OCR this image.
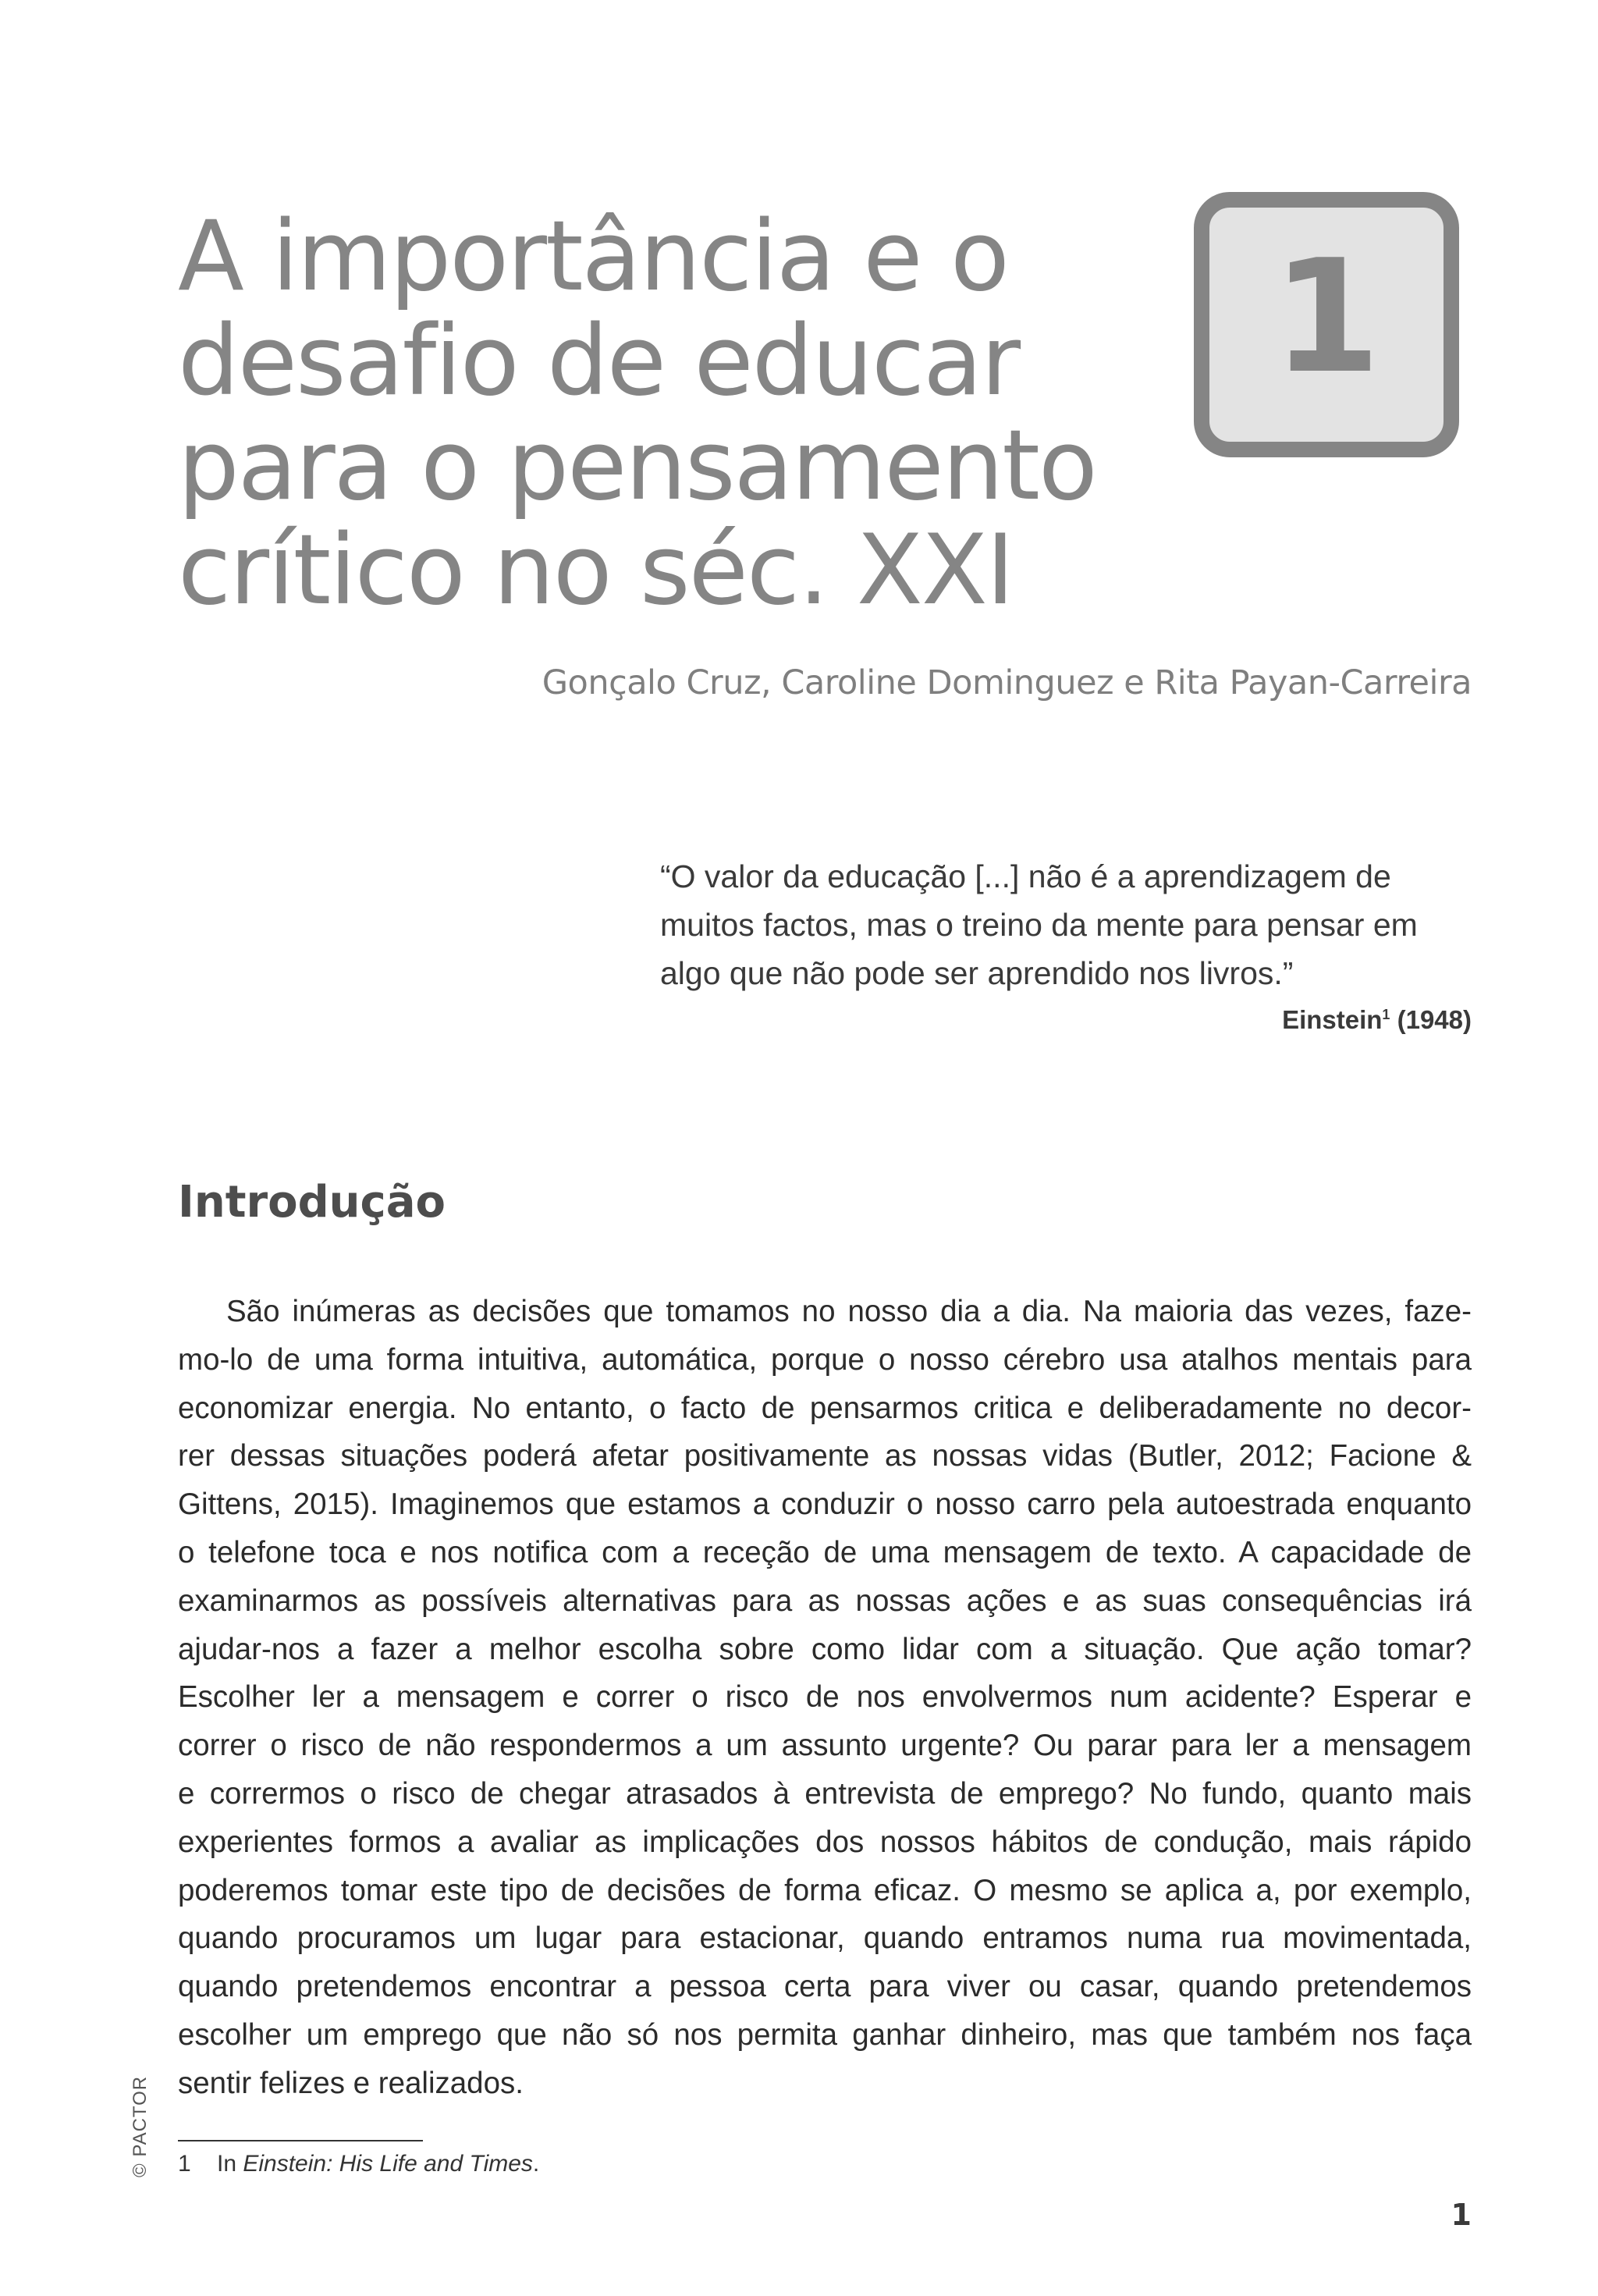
A importância e o
desafio de educar
para o pensamento
crítico no séc. XXI
1
Gonçalo Cruz, Caroline Dominguez e Rita Payan-Carreira
“O valor da educação [...] não é a aprendizagem de
muitos factos, mas o treino da mente para pensar em
algo que não pode ser aprendido nos livros.”
Einstein$^1$ (1948)
Introdução
São inúmeras as decisões que tomamos no nosso dia a dia. Na maioria das vezes, faze-
mo-lo de uma forma intuitiva, automática, porque o nosso cérebro usa atalhos mentais para
economizar energia. No entanto, o facto de pensarmos critica e deliberadamente no decor-
rer dessas situações poderá afetar positivamente as nossas vidas (Butler, 2012; Facione &
Gittens, 2015). Imaginemos que estamos a conduzir o nosso carro pela autoestrada enquanto
o telefone toca e nos notifica com a receção de uma mensagem de texto. A capacidade de
examinarmos as possíveis alternativas para as nossas ações e as suas consequências irá
ajudar-nos a fazer a melhor escolha sobre como lidar com a situação. Que ação tomar?
Escolher ler a mensagem e correr o risco de nos envolvermos num acidente? Esperar e
correr o risco de não respondermos a um assunto urgente? Ou parar para ler a mensagem
e corrermos o risco de chegar atrasados à entrevista de emprego? No fundo, quanto mais
experientes formos a avaliar as implicações dos nossos hábitos de condução, mais rápido
poderemos tomar este tipo de decisões de forma eficaz. O mesmo se aplica a, por exemplo,
quando procuramos um lugar para estacionar, quando entramos numa rua movimentada,
quando pretendemos encontrar a pessoa certa para viver ou casar, quando pretendemos
escolher um emprego que não só nos permita ganhar dinheiro, mas que também nos faça
sentir felizes e realizados.
© PACTOR 1 In Einstein: His Life and Times.
1
